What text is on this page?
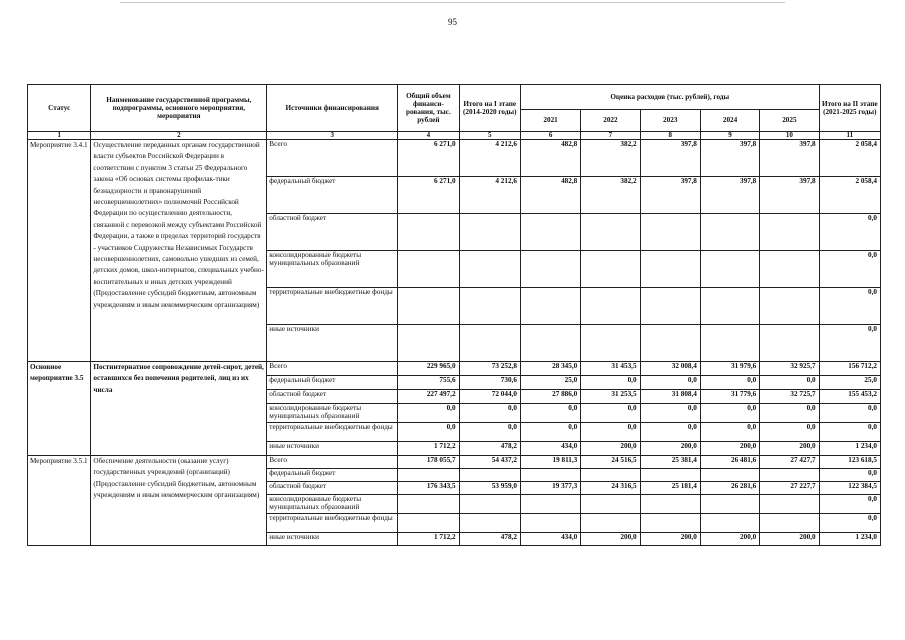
95
Статус	Наименование государственной программы, подпрограммы, основного мероприятия, мероприятия	Источники финансирования	Общий объем финанси-рования, тыс. рублей	Итого на I этапе (2014-2020 годы)	Оценка расходов (тыс. рублей), годы					Итого на II этапе (2021-2025 годы)
					2021	2022	2023	2024	2025	
1	2	3	4	5	6	7	8	9	10	11
Мероприятие 3.4.1	Осуществление переданных органам государственной власти субъектов Российской Федерации в соответствии с пунктом 3 статьи 25 Федерального закона «Об основах системы профилак-тики безнадзорности и правонарушений несовершеннолетних» полномочий Российской Федерации по осуществлению деятельности, связанной с перевозкой между субъектами Российской Федерации, а также в пределах территорий государств - участников Содружества Независимых Государств несовершеннолетних, самовольно ушедших из семей, детских домов, школ-интернатов, специальных учебно-воспитательных и иных детских учреждений (Предоставление субсидий бюджетным, автономным учреждениям и иным некоммерческим организациям)	Всего	6 271,0	4 212,6	482,8	382,2	397,8	397,8	397,8	2 058,4
		федеральный бюджет	6 271,0	4 212,6	482,8	382,2	397,8	397,8	397,8	2 058,4
		областной бюджет								0,0
		консолидированные бюджеты муниципальных образований								0,0
		территориальные внебюджетные фонды								0,0
		иные источники								0,0
Основное мероприятие 3.5	Постинтернатное сопровождение детей-сирот, детей, оставшихся без попечения родителей, лиц из их числа	Всего	229 965,0	73 252,8	28 345,0	31 453,5	32 008,4	31 979,6	32 925,7	156 712,2
		федеральный бюджет	755,6	730,6	25,0	0,0	0,0	0,0	0,0	25,0
		областной бюджет	227 497,2	72 044,0	27 886,0	31 253,5	31 808,4	31 779,6	32 725,7	155 453,2
		консолидированные бюджеты муниципальных образований	0,0	0,0	0,0	0,0	0,0	0,0	0,0	0,0
		территориальные внебюджетные фонды	0,0	0,0	0,0	0,0	0,0	0,0	0,0	0,0
		иные источники	1 712,2	478,2	434,0	200,0	200,0	200,0	200,0	1 234,0
Мероприятие 3.5.1	Обеспечение деятельности (оказание услуг) государственных учреждений (организаций) (Предоставление субсидий бюджетным, автономным учреждениям и иным некоммерческим организациям)	Всего	178 055,7	54 437,2	19 811,3	24 516,5	25 381,4	26 481,6	27 427,7	123 618,5
		федеральный бюджет								0,0
		областной бюджет	176 343,5	53 959,0	19 377,3	24 316,5	25 181,4	26 281,6	27 227,7	122 384,5
		консолидированные бюджеты муниципальных образований								0,0
		территориальные внебюджетные фонды								0,0
		иные источники	1 712,2	478,2	434,0	200,0	200,0	200,0	200,0	1 234,0
